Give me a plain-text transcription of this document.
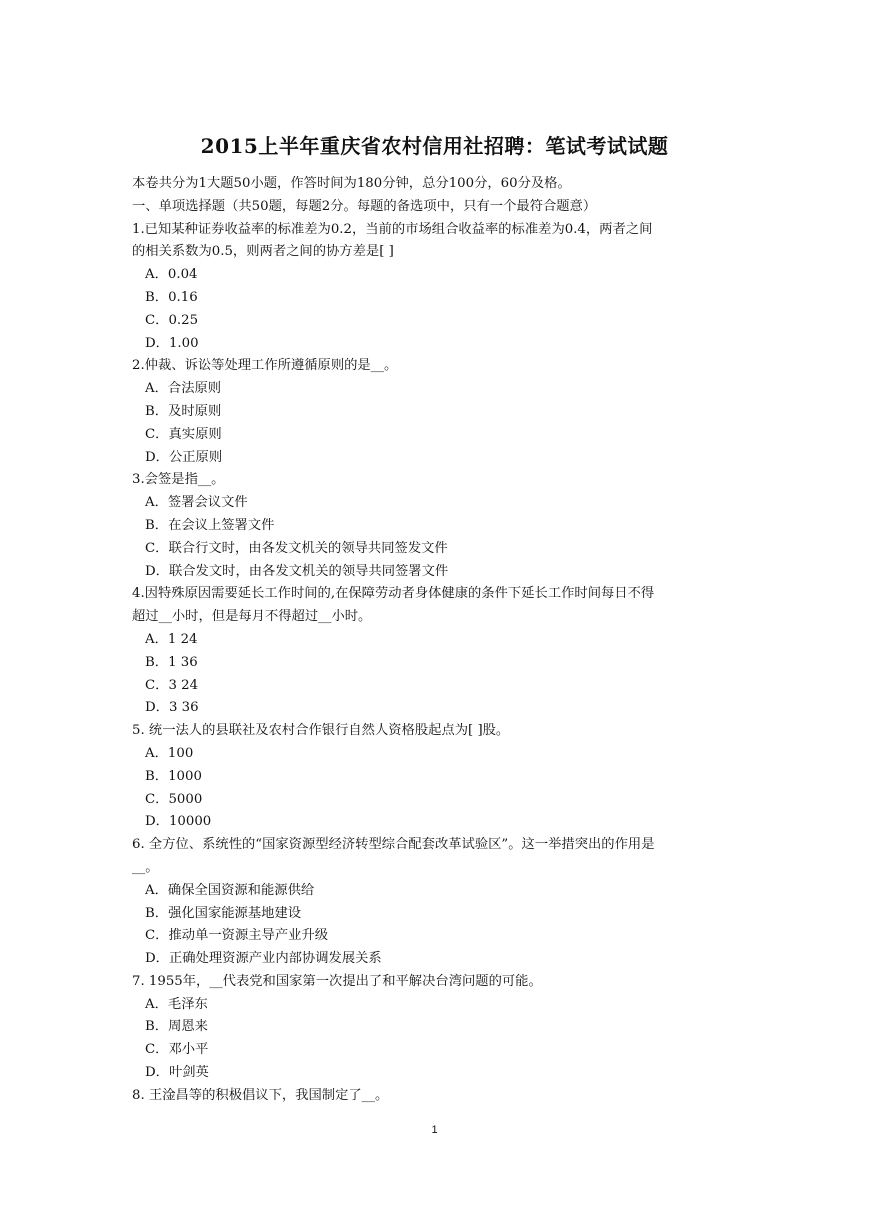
2015上半年重庆省农村信用社招聘：笔试考试试题
本卷共分为1大题50小题，作答时间为180分钟，总分100分，60分及格。
一、单项选择题（共50题，每题2分。每题的备选项中，只有一个最符合题意）
1.已知某种证券收益率的标准差为0.2，当前的市场组合收益率的标准差为0.4，两者之间
的相关系数为0.5，则两者之间的协方差是[ ]
A．0.04
B．0.16
C．0.25
D．1.00
2.仲裁、诉讼等处理工作所遵循原则的是__。
A．合法原则
B．及时原则
C．真实原则
D．公正原则
3.会签是指__。
A．签署会议文件
B．在会议上签署文件
C．联合行文时，由各发文机关的领导共同签发文件
D．联合发文时，由各发文机关的领导共同签署文件
4.因特殊原因需要延长工作时间的,在保障劳动者身体健康的条件下延长工作时间每日不得
超过__小时，但是每月不得超过__小时。
A．1 24
B．1 36
C．3 24
D．3 36
5. 统一法人的县联社及农村合作银行自然人资格股起点为[ ]股。
A．100
B．1000
C．5000
D．10000
6. 全方位、系统性的“国家资源型经济转型综合配套改革试验区”。这一举措突出的作用是
__。
A．确保全国资源和能源供给
B．强化国家能源基地建设
C．推动单一资源主导产业升级
D．正确处理资源产业内部协调发展关系
7. 1955年，__代表党和国家第一次提出了和平解决台湾问题的可能。
A．毛泽东
B．周恩来
C．邓小平
D．叶剑英
8. 王淦昌等的积极倡议下，我国制定了__。
1
